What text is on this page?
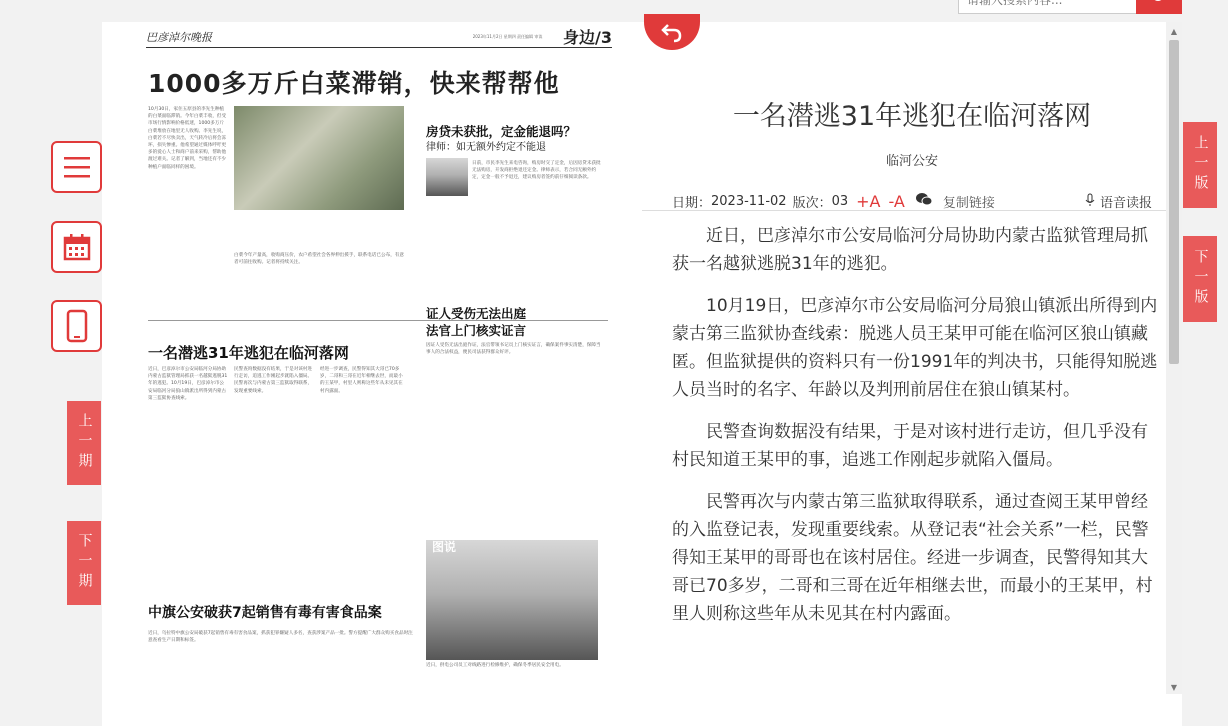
请输入搜索内容...
上一期
下一期
巴彦淖尔晚报	2023年11月2日 星期四 责任编辑 审读 身边/3
1000多万斤白菜滞销，快来帮帮他
10月30日，家住五原县的李先生种植的白菜面临滞销。今年白菜丰收，但受市场行情影响价格低迷，1000多万斤白菜堆放在地里无人收购。李先生说，白菜若不尽快卖出，天气转冷后将会冻坏，损失惨重。他希望通过媒体呼吁更多的爱心人士和商户前来采购，帮助他渡过难关。记者了解到，当地还有不少种植户面临同样的困境。
白菜今年产量高，收购商压价，农户希望社会各界伸出援手，联系电话已公布，有意者可前往收购。记者将持续关注。
房贷未获批，定金能退吗？
律师：如无额外约定不能退
日前，市民李先生来电咨询，购房时交了定金，后因房贷未获批无法购房，开发商拒绝退还定金。律师表示，若合同无额外约定，定金一般不予退还，建议购房者签约前仔细阅读条款。
证人受伤无法出庭
法官上门核实证言
一名潜逃31年逃犯在临河落网
近日，巴彦淖尔市公安局临河分局协助内蒙古监狱管理局抓获一名越狱逃脱31年的逃犯。10月19日，巴彦淖尔市公安局临河分局狼山镇派出所得到内蒙古第三监狱协查线索。
民警查询数据没有结果，于是对该村进行走访，追逃工作刚起步就陷入僵局。民警再次与内蒙古第三监狱取得联系，发现重要线索。
经进一步调查，民警得知其大哥已70多岁，二哥和三哥在近年相继去世，而最小的王某甲，村里人则称这些年从未见其在村内露面。
因证人受伤无法出庭作证，法官带领书记员上门核实证言，确保案件事实清楚，保障当事人的合法权益，便民司法获得群众好评。
图说
近日，供电公司员工对线路进行检修维护，确保冬季居民安全用电。
中旗公安破获7起销售有毒有害食品案
近日，乌拉特中旗公安局破获7起销售有毒有害食品案，抓获犯罪嫌疑人多名，查获涉案产品一批。警方提醒广大群众购买食品时注意查看生产日期和标签。
一名潜逃31年逃犯在临河落网
临河公安
日期： 2023-11-02 版次： 03 +A -A	复制链接	语音读报

近日，巴彦淖尔市公安局临河分局协助内蒙古监狱管理局抓获一名越狱逃脱31年的逃犯。

10月19日，巴彦淖尔市公安局临河分局狼山镇派出所得到内蒙古第三监狱协查线索：脱逃人员王某甲可能在临河区狼山镇藏匿。但监狱提供的资料只有一份1991年的判决书，只能得知脱逃人员当时的名字、年龄以及判刑前居住在狼山镇某村。

民警查询数据没有结果，于是对该村进行走访，但几乎没有村民知道王某甲的事，追逃工作刚起步就陷入僵局。

民警再次与内蒙古第三监狱取得联系，通过查阅王某甲曾经的入监登记表，发现重要线索。从登记表“社会关系”一栏，民警得知王某甲的哥哥也在该村居住。经进一步调查，民警得知其大哥已70多岁，二哥和三哥在近年相继去世，而最小的王某甲，村里人则称这些年从未见其在村内露面。

▲
▼
上一版
下一版
